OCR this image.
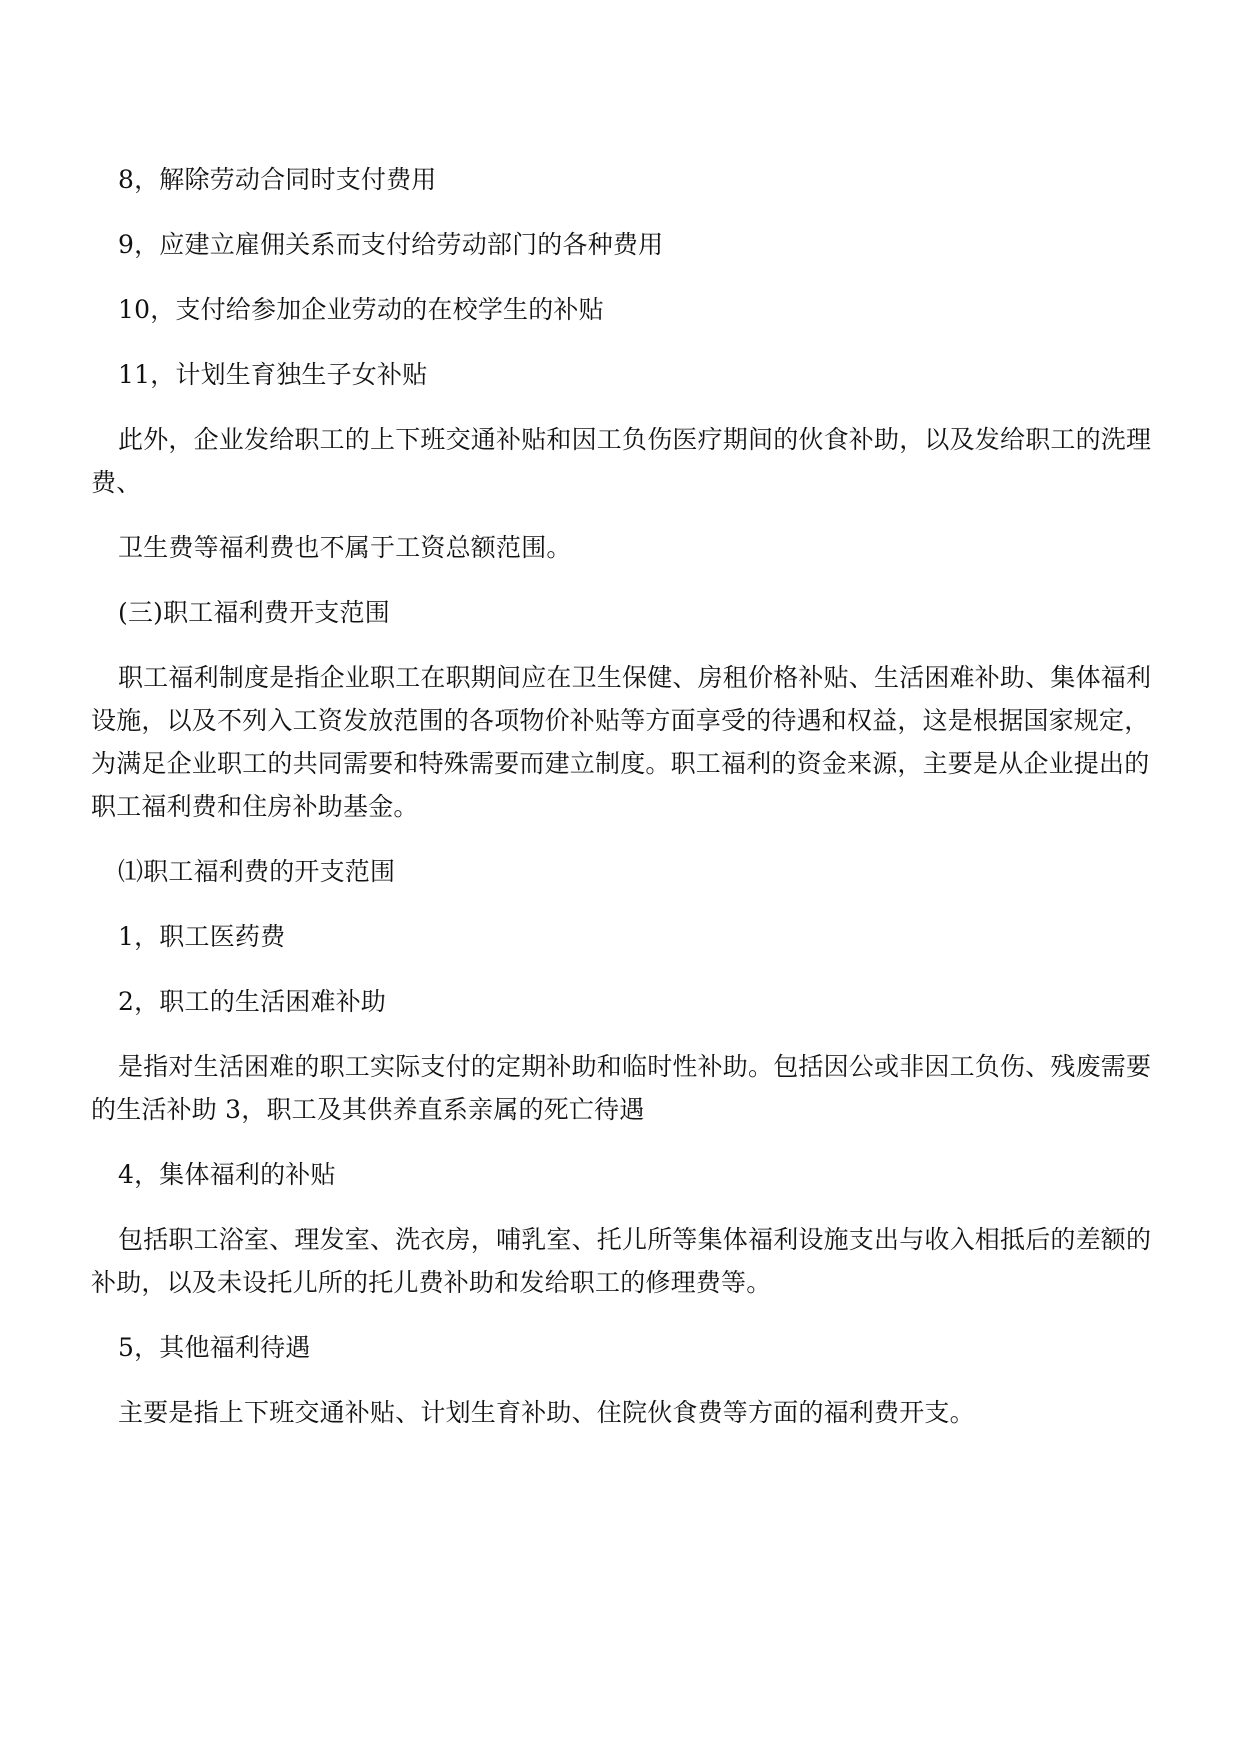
8，解除劳动合同时支付费用

9，应建立雇佣关系而支付给劳动部门的各种费用

10，支付给参加企业劳动的在校学生的补贴

11，计划生育独生子女补贴

此外，企业发给职工的上下班交通补贴和因工负伤医疗期间的伙食补助，以及发给职工的洗理费、

卫生费等福利费也不属于工资总额范围。

(三)职工福利费开支范围

职工福利制度是指企业职工在职期间应在卫生保健、房租价格补贴、生活困难补助、集体福利设施，以及不列入工资发放范围的各项物价补贴等方面享受的待遇和权益，这是根据国家规定，为满足企业职工的共同需要和特殊需要而建立制度。职工福利的资金来源，主要是从企业提出的职工福利费和住房补助基金。

⑴职工福利费的开支范围

1，职工医药费

2，职工的生活困难补助

是指对生活困难的职工实际支付的定期补助和临时性补助。包括因公或非因工负伤、残废需要的生活补助 3，职工及其供养直系亲属的死亡待遇

4，集体福利的补贴

包括职工浴室、理发室、洗衣房，哺乳室、托儿所等集体福利设施支出与收入相抵后的差额的补助，以及未设托儿所的托儿费补助和发给职工的修理费等。

5，其他福利待遇

主要是指上下班交通补贴、计划生育补助、住院伙食费等方面的福利费开支。
